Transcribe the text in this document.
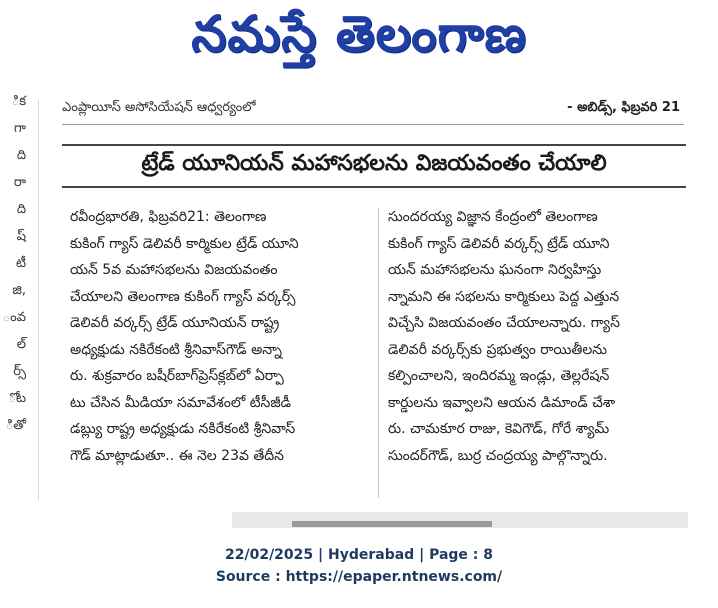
నమస్తే తెలంగాణ
ిక
గా
ది
రా
ది
ష్
టీ
జి,
ంవ
ల్
ర్స్
ోట
ితో
ఎంప్లాయీస్ అసోసియేషన్ ఆధ్వర్యంలో	- అబిడ్స్, ఫిబ్రవరి 21
ట్రేడ్ యూనియన్ మహాసభలను విజయవంతం చేయాలి
రవీంద్రభారతి, ఫిబ్రవరి21: తెలంగాణ
కుకింగ్ గ్యాస్ డెలివరీ కార్మికుల ట్రేడ్ యూని
యన్ 5వ మహాసభలను విజయవంతం
చేయాలని తెలంగాణ కుకింగ్ గ్యాస్ వర్కర్స్
డెలివరీ వర్కర్స్ ట్రేడ్ యూనియన్ రాష్ట్ర
అధ్యక్షుడు నకిరేకంటి శ్రీనివాస్‌గౌడ్ అన్నా
రు. శుక్రవారం బషీర్‌బాగ్‌ప్రెస్‌క్లబ్‌లో ఏర్పా
టు చేసిన మీడియా సమావేశంలో టీసీజీడీ
డబ్ల్యు రాష్ట్ర అధ్యక్షుడు నకిరేకంటి శ్రీనివాస్
గౌడ్ మాట్లాడుతూ.. ఈ నెల 23వ తేదీన
సుందరయ్య విజ్ఞాన కేంద్రంలో తెలంగాణ
కుకింగ్ గ్యాస్ డెలివరీ వర్కర్స్ ట్రేడ్ యూని
యన్ మహాసభలను ఘనంగా నిర్వహిస్తు
న్నామని ఈ సభలను కార్మికులు పెద్ద ఎత్తున
విచ్చేసి విజయవంతం చేయాలన్నారు. గ్యాస్
డెలివరీ వర్కర్స్‌కు ప్రభుత్వం రాయితీలను
కల్పించాలని, ఇందిరమ్మ ఇండ్లు, తెల్లరేషన్
కార్డులను ఇవ్వాలని ఆయన డిమాండ్ చేశా
రు. చామకూర రాజు, కెవిగౌడ్, గోరే శ్యామ్
సుందర్‌గౌడ్, బుర్ర చంద్రయ్య పాల్గొన్నారు.
22/02/2025 | Hyderabad | Page : 8
Source : https://epaper.ntnews.com/
